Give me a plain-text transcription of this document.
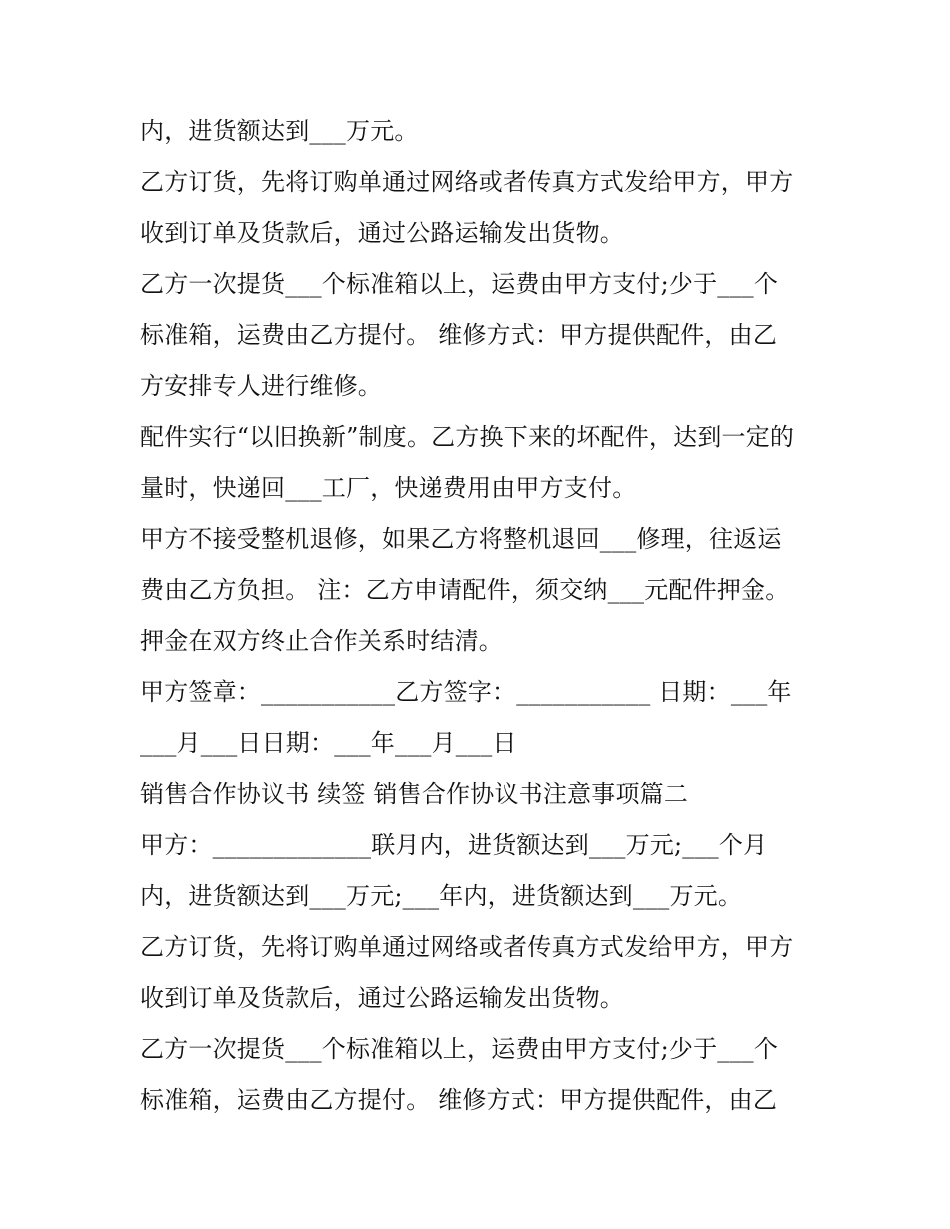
内，进货额达到___万元。
乙方订货，先将订购单通过网络或者传真方式发给甲方，甲方
收到订单及货款后，通过公路运输发出货物。
乙方一次提货___个标准箱以上，运费由甲方支付;少于___个
标准箱，运费由乙方提付。 维修方式：甲方提供配件，由乙
方安排专人进行维修。
配件实行“以旧换新”制度。乙方换下来的坏配件，达到一定的
量时，快递回___工厂，快递费用由甲方支付。
甲方不接受整机退修，如果乙方将整机退回___修理，往返运
费由乙方负担。 注：乙方申请配件，须交纳___元配件押金。
押金在双方终止合作关系时结清。
甲方签章：___________乙方签字：___________ 日期：___年
___月___日日期：___年___月___日
销售合作协议书 续签 销售合作协议书注意事项篇二
甲方：_____________联月内，进货额达到___万元;___个月
内，进货额达到___万元;___年内，进货额达到___万元。
乙方订货，先将订购单通过网络或者传真方式发给甲方，甲方
收到订单及货款后，通过公路运输发出货物。
乙方一次提货___个标准箱以上，运费由甲方支付;少于___个
标准箱，运费由乙方提付。 维修方式：甲方提供配件，由乙
